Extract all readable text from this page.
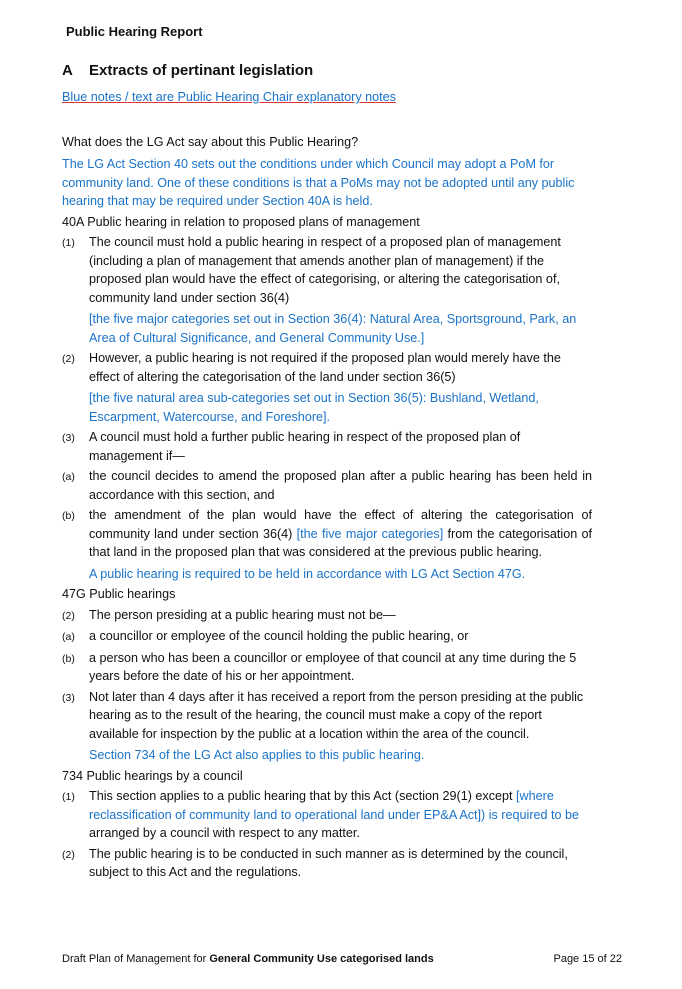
Public Hearing Report
A Extracts of pertinant legislation

Blue notes / text are Public Hearing Chair explanatory notes

What does the LG Act say about this Public Hearing?

The LG Act Section 40 sets out the conditions under which Council may adopt a PoM for community land. One of these conditions is that a PoMs may not be adopted until any public hearing that may be required under Section 40A is held.

40A Public hearing in relation to proposed plans of management

(1)	The council must hold a public hearing in respect of a proposed plan of management (including a plan of management that amends another plan of management) if the proposed plan would have the effect of categorising, or altering the categorisation of, community land under section 36(4)

[the five major categories set out in Section 36(4): Natural Area, Sportsground, Park, an Area of Cultural Significance, and General Community Use.]

(2)	However, a public hearing is not required if the proposed plan would merely have the effect of altering the categorisation of the land under section 36(5)

[the five natural area sub-categories set out in Section 36(5): Bushland, Wetland, Escarpment, Watercourse, and Foreshore].

(3)	A council must hold a further public hearing in respect of the proposed plan of management if—
(a)	the council decides to amend the proposed plan after a public hearing has been held in accordance with this section, and
(b)	the amendment of the plan would have the effect of altering the categorisation of community land under section 36(4) [the five major categories] from the categorisation of that land in the proposed plan that was considered at the previous public hearing.

A public hearing is required to be held in accordance with LG Act Section 47G.

47G Public hearings

(2)	The person presiding at a public hearing must not be—
(a)	a councillor or employee of the council holding the public hearing, or
(b)	a person who has been a councillor or employee of that council at any time during the 5 years before the date of his or her appointment.
(3)	Not later than 4 days after it has received a report from the person presiding at the public hearing as to the result of the hearing, the council must make a copy of the report available for inspection by the public at a location within the area of the council.

Section 734 of the LG Act also applies to this public hearing.

734 Public hearings by a council

(1)	This section applies to a public hearing that by this Act (section 29(1) except [where reclassification of community land to operational land under EP&A Act]) is required to be arranged by a council with respect to any matter.
(2)	The public hearing is to be conducted in such manner as is determined by the council, subject to this Act and the regulations.
Draft Plan of Management for General Community Use categorised lands	Page 15 of 22
